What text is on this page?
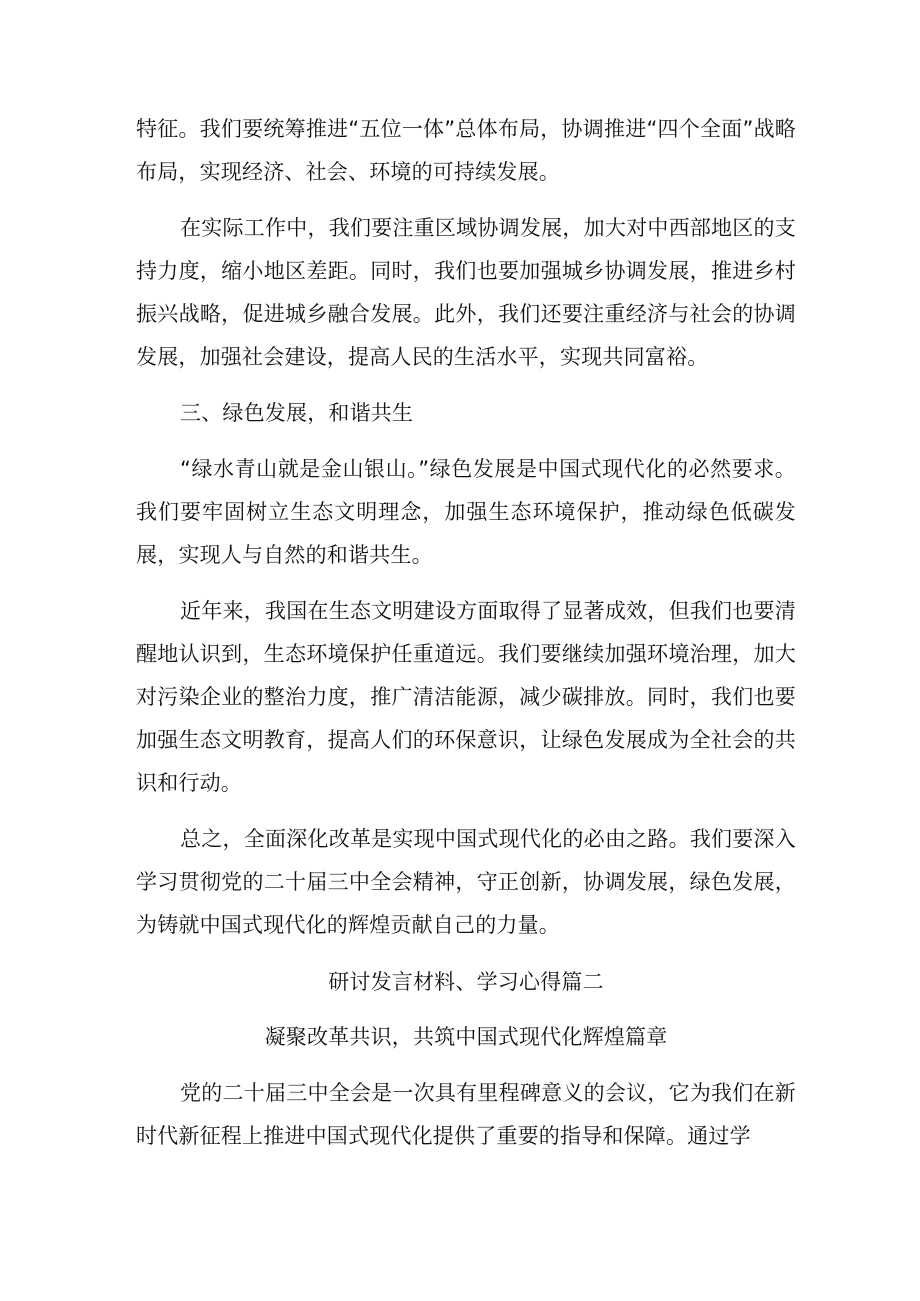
特征。我们要统筹推进“五位一体”总体布局，协调推进“四个全面”战略布局，实现经济、社会、环境的可持续发展。

在实际工作中，我们要注重区域协调发展，加大对中西部地区的支持力度，缩小地区差距。同时，我们也要加强城乡协调发展，推进乡村振兴战略，促进城乡融合发展。此外，我们还要注重经济与社会的协调发展，加强社会建设，提高人民的生活水平，实现共同富裕。

三、绿色发展，和谐共生

“绿水青山就是金山银山。”绿色发展是中国式现代化的必然要求。我们要牢固树立生态文明理念，加强生态环境保护，推动绿色低碳发展，实现人与自然的和谐共生。

近年来，我国在生态文明建设方面取得了显著成效，但我们也要清醒地认识到，生态环境保护任重道远。我们要继续加强环境治理，加大对污染企业的整治力度，推广清洁能源，减少碳排放。同时，我们也要加强生态文明教育，提高人们的环保意识，让绿色发展成为全社会的共识和行动。

总之，全面深化改革是实现中国式现代化的必由之路。我们要深入学习贯彻党的二十届三中全会精神，守正创新，协调发展，绿色发展，为铸就中国式现代化的辉煌贡献自己的力量。

研讨发言材料、学习心得篇二

凝聚改革共识，共筑中国式现代化辉煌篇章

党的二十届三中全会是一次具有里程碑意义的会议，它为我们在新时代新征程上推进中国式现代化提供了重要的指导和保障。通过学
